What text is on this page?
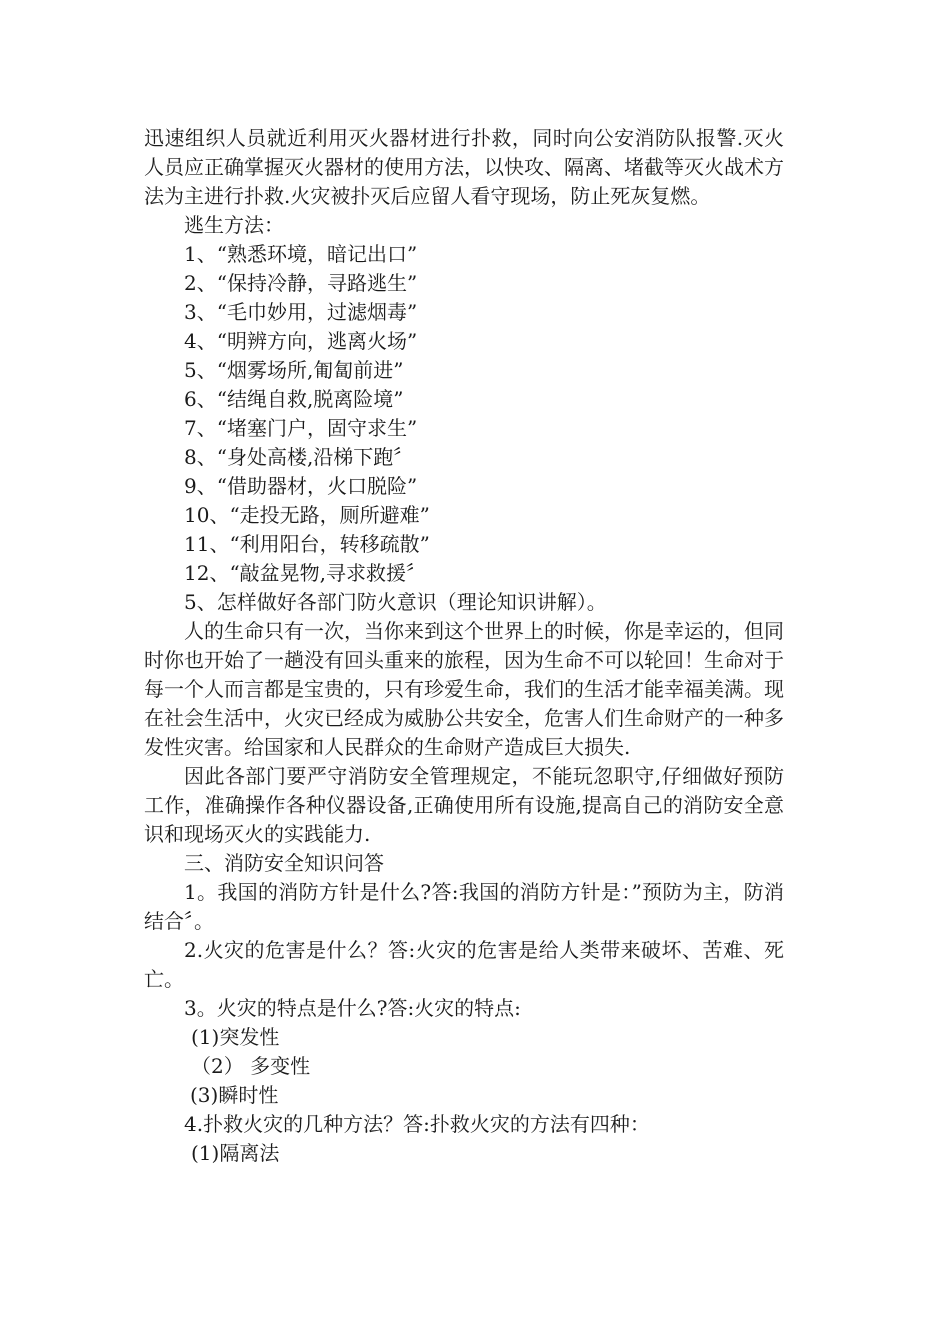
迅速组织人员就近利用灭火器材进行扑救，同时向公安消防队报警.灭火人员应正确掌握灭火器材的使用方法，以快攻、隔离、堵截等灭火战术方法为主进行扑救.火灾被扑灭后应留人看守现场，防止死灰复燃。

逃生方法：

1、“熟悉环境，暗记出口”

2、“保持冷静，寻路逃生”

3、“毛巾妙用，过滤烟毒”

4、“明辨方向，逃离火场”

5、“烟雾场所,匍匐前进”

6、“结绳自救,脱离险境”

7、“堵塞门户，固守求生”

8、“身处高楼,沿梯下跑〞

9、“借助器材，火口脱险”

10、“走投无路，厕所避难”

11、“利用阳台，转移疏散”

12、“敲盆晃物,寻求救援〞

5、怎样做好各部门防火意识（理论知识讲解）。

人的生命只有一次，当你来到这个世界上的时候，你是幸运的，但同时你也开始了一趟没有回头重来的旅程，因为生命不可以轮回！生命对于每一个人而言都是宝贵的，只有珍爱生命，我们的生活才能幸福美满。现在社会生活中，火灾已经成为威胁公共安全，危害人们生命财产的一种多发性灾害。给国家和人民群众的生命财产造成巨大损失.

因此各部门要严守消防安全管理规定，不能玩忽职守,仔细做好预防工作，准确操作各种仪器设备,正确使用所有设施,提高自己的消防安全意识和现场灭火的实践能力.

三、消防安全知识问答

1。我国的消防方针是什么?答:我国的消防方针是：”预防为主，防消结合〞。

2.火灾的危害是什么？答:火灾的危害是给人类带来破坏、苦难、死亡。

3。火灾的特点是什么?答:火灾的特点:

(1)突发性

（2） 多变性

(3)瞬时性

4.扑救火灾的几种方法？答:扑救火灾的方法有四种：

(1)隔离法
